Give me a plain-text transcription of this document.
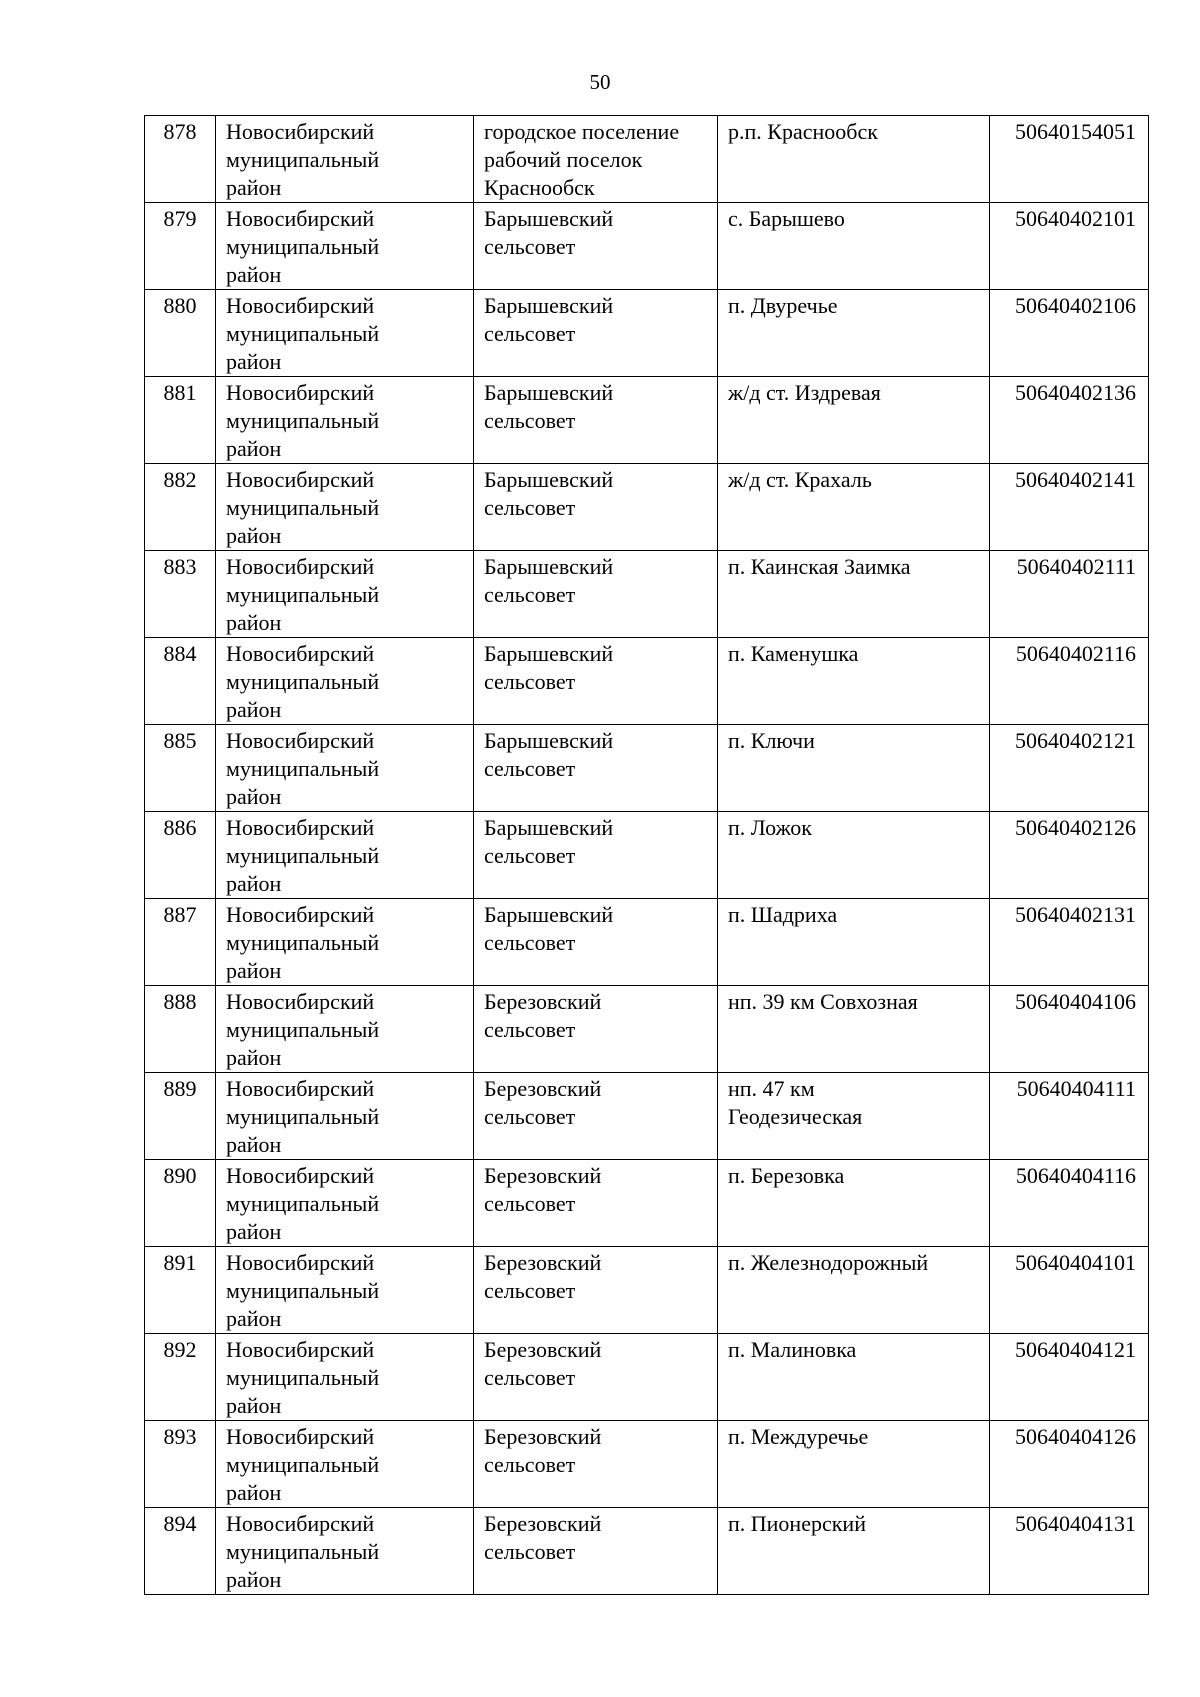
50
878	Новосибирский
муниципальный
район	городское поселение
рабочий поселок
Краснообск	р.п. Краснообск	50640154051
879	Новосибирский
муниципальный
район	Барышевский
сельсовет	с. Барышево	50640402101
880	Новосибирский
муниципальный
район	Барышевский
сельсовет	п. Двуречье	50640402106
881	Новосибирский
муниципальный
район	Барышевский
сельсовет	ж/д ст. Издревая	50640402136
882	Новосибирский
муниципальный
район	Барышевский
сельсовет	ж/д ст. Крахаль	50640402141
883	Новосибирский
муниципальный
район	Барышевский
сельсовет	п. Каинская Заимка	50640402111
884	Новосибирский
муниципальный
район	Барышевский
сельсовет	п. Каменушка	50640402116
885	Новосибирский
муниципальный
район	Барышевский
сельсовет	п. Ключи	50640402121
886	Новосибирский
муниципальный
район	Барышевский
сельсовет	п. Ложок	50640402126
887	Новосибирский
муниципальный
район	Барышевский
сельсовет	п. Шадриха	50640402131
888	Новосибирский
муниципальный
район	Березовский
сельсовет	нп. 39 км Совхозная	50640404106
889	Новосибирский
муниципальный
район	Березовский
сельсовет	нп. 47 км
Геодезическая	50640404111
890	Новосибирский
муниципальный
район	Березовский
сельсовет	п. Березовка	50640404116
891	Новосибирский
муниципальный
район	Березовский
сельсовет	п. Железнодорожный	50640404101
892	Новосибирский
муниципальный
район	Березовский
сельсовет	п. Малиновка	50640404121
893	Новосибирский
муниципальный
район	Березовский
сельсовет	п. Междуречье	50640404126
894	Новосибирский
муниципальный
район	Березовский
сельсовет	п. Пионерский	50640404131
